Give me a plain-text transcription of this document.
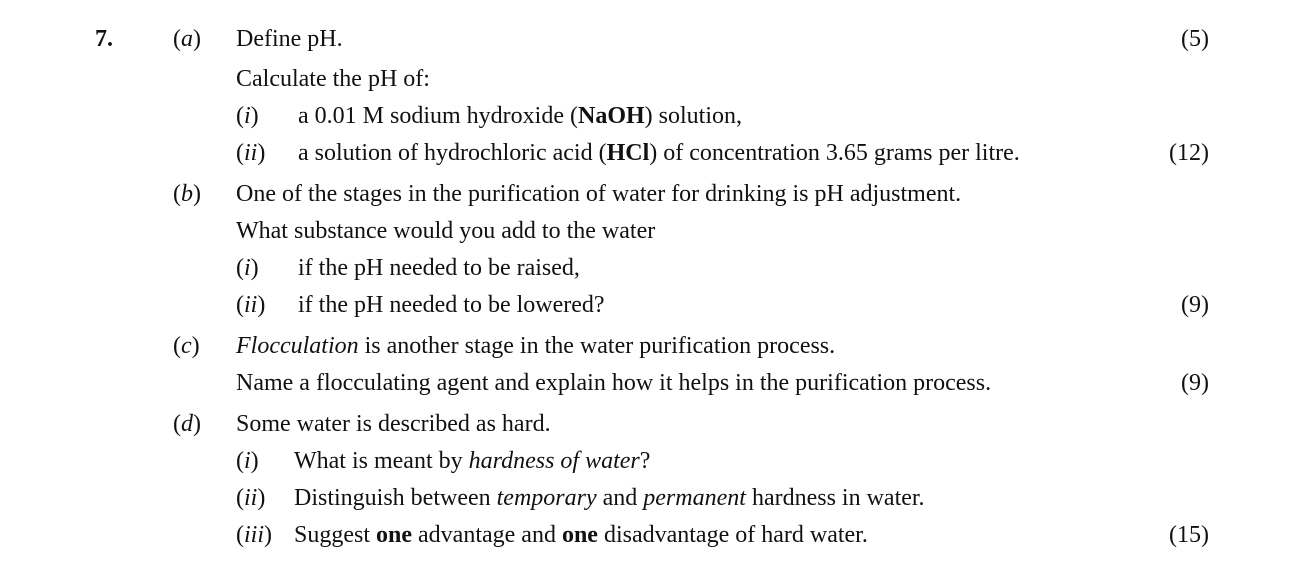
7.	(a) Define pH.	(5)
Calculate the pH of:
(i) a 0.01 M sodium hydroxide (NaOH) solution,
(ii) a solution of hydrochloric acid (HCl) of concentration 3.65 grams per litre.	(12)
(b) One of the stages in the purification of water for drinking is pH adjustment.
What substance would you add to the water
(i) if the pH needed to be raised,
(ii) if the pH needed to be lowered?	(9)
(c) Flocculation is another stage in the water purification process.
Name a flocculating agent and explain how it helps in the purification process.	(9)
(d) Some water is described as hard.
(i) What is meant by hardness of water?
(ii) Distinguish between temporary and permanent hardness in water.
(iii) Suggest one advantage and one disadvantage of hard water.	(15)
